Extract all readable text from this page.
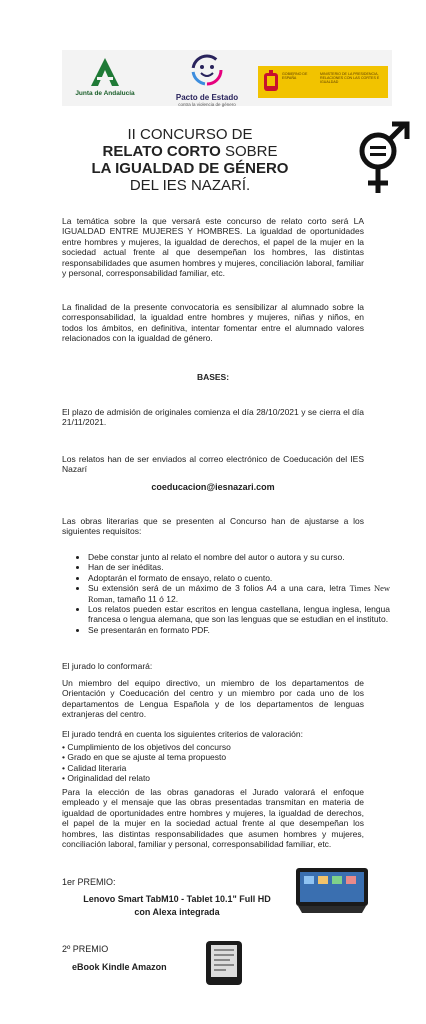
Junta de Andalucía	Pacto de Estado
contra la violencia de género
GOBIERNO DE ESPAÑA
MINISTERIO DE LA PRESIDENCIA, RELACIONES CON LAS CORTES E IGUALDAD
II CONCURSO DE
RELATO CORTO SOBRE
LA IGUALDAD DE GÉNERO
DEL IES NAZARÍ.
La temática sobre la que versará este concurso de relato corto será LA IGUALDAD ENTRE MUJERES Y HOMBRES. La igualdad de oportunidades entre hombres y mujeres, la igualdad de derechos, el papel de la mujer en la sociedad actual frente al que desempeñan los hombres, las distintas responsabilidades que asumen hombres y mujeres, conciliación laboral, familiar y personal, corresponsabilidad familiar, etc.
La finalidad de la presente convocatoria es sensibilizar al alumnado sobre la corresponsabilidad, la igualdad entre hombres y mujeres, niñas y niños, en todos los ámbitos, en definitiva, intentar fomentar entre el alumnado valores relacionados con la igualdad de género.
BASES:
El plazo de admisión de originales comienza el día 28/10/2021 y se cierra el día 21/11/2021.
Los relatos han de ser enviados al correo electrónico de Coeducación del IES Nazarí
coeducacion@iesnazari.com
Las obras literarias que se presenten al Concurso han de ajustarse a los siguientes requisitos:
• Debe constar junto al relato el nombre del autor o autora y su curso.
• Han de ser inéditas.
• Adoptarán el formato de ensayo, relato o cuento.
• Su extensión será de un máximo de 3 folios A4 a una cara, letra Times New Roman, tamaño 11 ó 12.
• Los relatos pueden estar escritos en lengua castellana, lengua inglesa, lengua francesa o lengua alemana, que son las lenguas que se estudian en el instituto.
• Se presentarán en formato PDF.
El jurado lo conformará:
Un miembro del equipo directivo, un miembro de los departamentos de Orientación y Coeducación del centro y un miembro por cada uno de los departamentos de Lengua Española y de los departamentos de lenguas extranjeras del centro.
El jurado tendrá en cuenta los siguientes criterios de valoración:
• Cumplimiento de los objetivos del concurso
• Grado en que se ajuste al tema propuesto
• Calidad literaria
• Originalidad del relato
Para la elección de las obras ganadoras el Jurado valorará el enfoque empleado y el mensaje que las obras presentadas transmitan en materia de igualdad de oportunidades entre hombres y mujeres, la igualdad de derechos, el papel de la mujer en la sociedad actual frente al que desempeñan los hombres, las distintas responsabilidades que asumen hombres y mujeres, conciliación laboral, familiar y personal, corresponsabilidad familiar, etc.
1er PREMIO:
Lenovo Smart TabM10 - Tablet 10.1" Full HD
con Alexa integrada
2º PREMIO
eBook Kindle Amazon
